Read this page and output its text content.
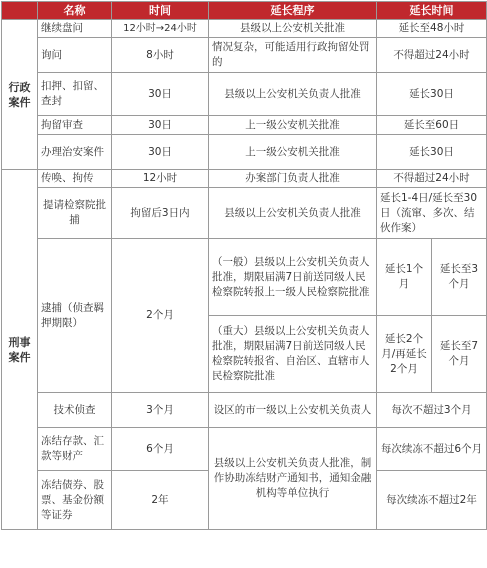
	名称	时间	延长程序	延长时间	
行政案件	继续盘问	12小时→24小时	县级以上公安机关批准	延长至48小时	
	询问	8小时	情况复杂，可能适用行政拘留处罚的	不得超过24小时	

	扣押、扣留、查封	30日	县级以上公安机关负责人批准	延长30日	
	拘留审查	30日	上一级公安机关批准	延长至60日	
	办理治安案件	30日	上一级公安机关批准	延长30日	

刑事案件	传唤、拘传	12小时	办案部门负责人批准	不得超过24小时	
	提请检察院批捕	拘留后3日内	县级以上公安机关负责人批准	延长1-4日/延长至30日（流窜、多次、结伙作案）	
	逮捕（侦查羁押期限）	2个月	（一般）县级以上公安机关负责人批准，期限届满7日前送同级人民检察院转报上一级人民检察院批准	延长1个月	延长至3个月
			（重大）县级以上公安机关负责人批准，期限届满7日前送同级人民检察院转报省、自治区、直辖市人民检察院批准	延长2个月/再延长2个月	延长至7个月
	技术侦查	3个月	设区的市一级以上公安机关负责人	每次不超过3个月	

	冻结存款、汇款等财产	6个月	县级以上公安机关负责人批准，制作协助冻结财产通知书，通知金融机构等单位执行	每次续冻不超过6个月	

	冻结债券、股票、基金份额等证券	2年		每次续冻不超过2年	
